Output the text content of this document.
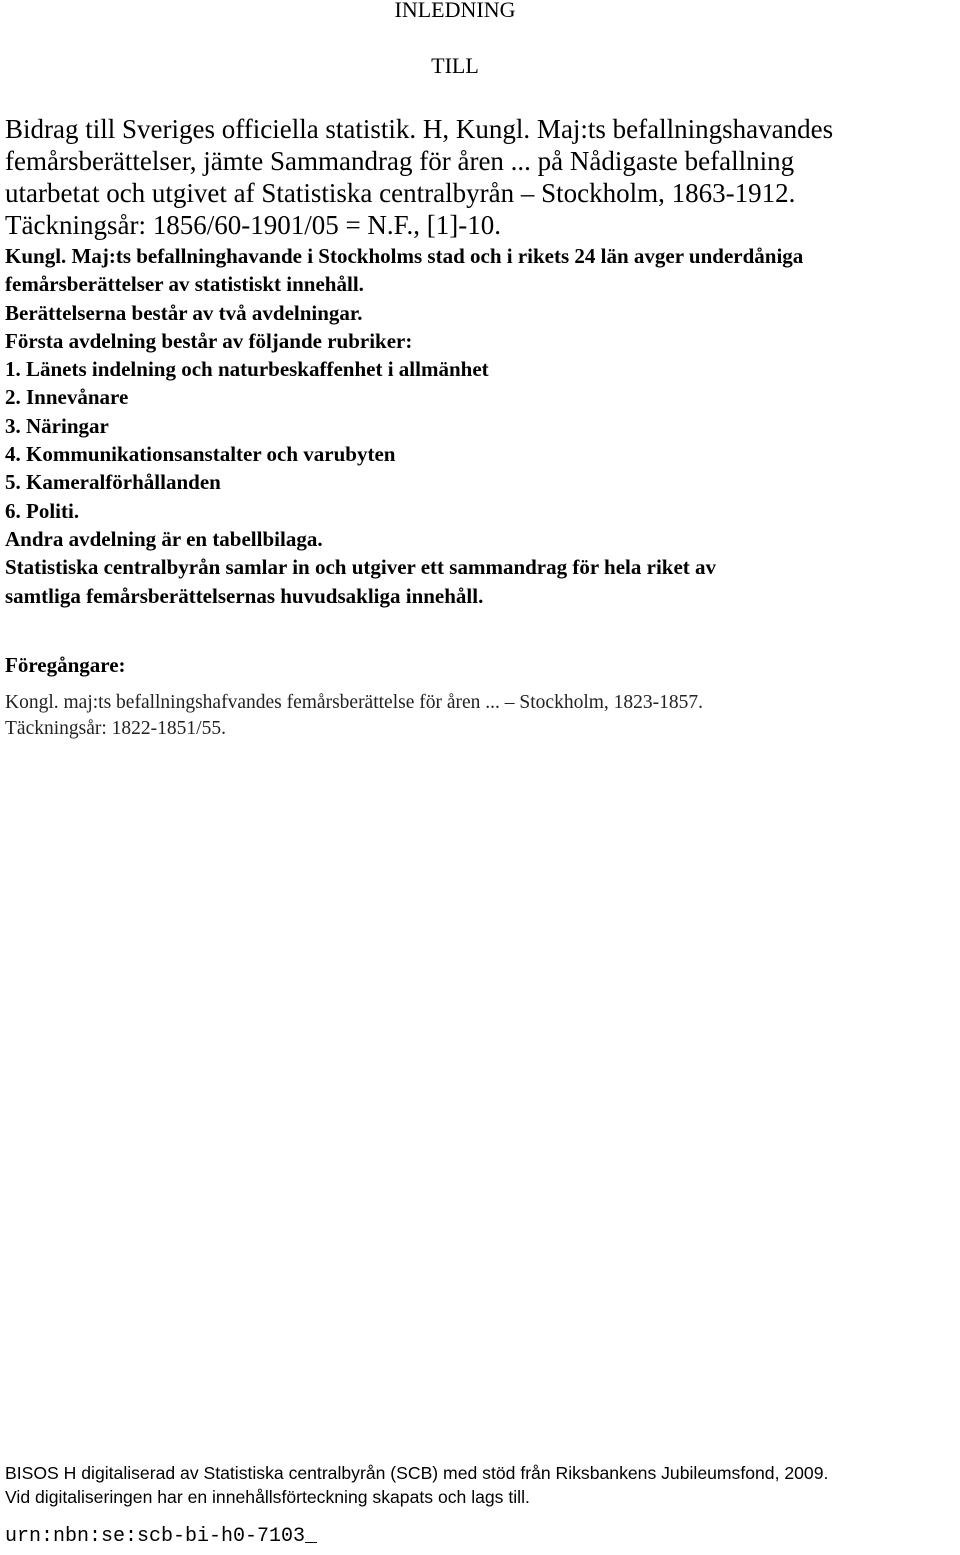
INLEDNING
TILL
Bidrag till Sveriges officiella statistik. H, Kungl. Maj:ts befallningshavandes
femårsberättelser, jämte Sammandrag för åren ... på Nådigaste befallning
utarbetat och utgivet af Statistiska centralbyrån – Stockholm, 1863-1912.
Täckningsår: 1856/60-1901/05 = N.F., [1]-10.
Kungl. Maj:ts befallninghavande i Stockholms stad och i rikets 24 län avger underdåniga
femårsberättelser av statistiskt innehåll.
Berättelserna består av två avdelningar.
Första avdelning består av följande rubriker:
1. Länets indelning och naturbeskaffenhet i allmänhet
2. Innevånare
3. Näringar
4. Kommunikationsanstalter och varubyten
5. Kameralförhållanden
6. Politi.
Andra avdelning är en tabellbilaga.
Statistiska centralbyrån samlar in och utgiver ett sammandrag för hela riket av
samtliga femårsberättelsernas huvudsakliga innehåll.
Föregångare:
Kongl. maj:ts befallningshafvandes femårsberättelse för åren ... – Stockholm, 1823-1857.
Täckningsår: 1822-1851/55.
BISOS H digitaliserad av Statistiska centralbyrån (SCB) med stöd från Riksbankens Jubileumsfond, 2009.
Vid digitaliseringen har en innehållsförteckning skapats och lags till.
urn:nbn:se:scb-bi-h0-7103_
